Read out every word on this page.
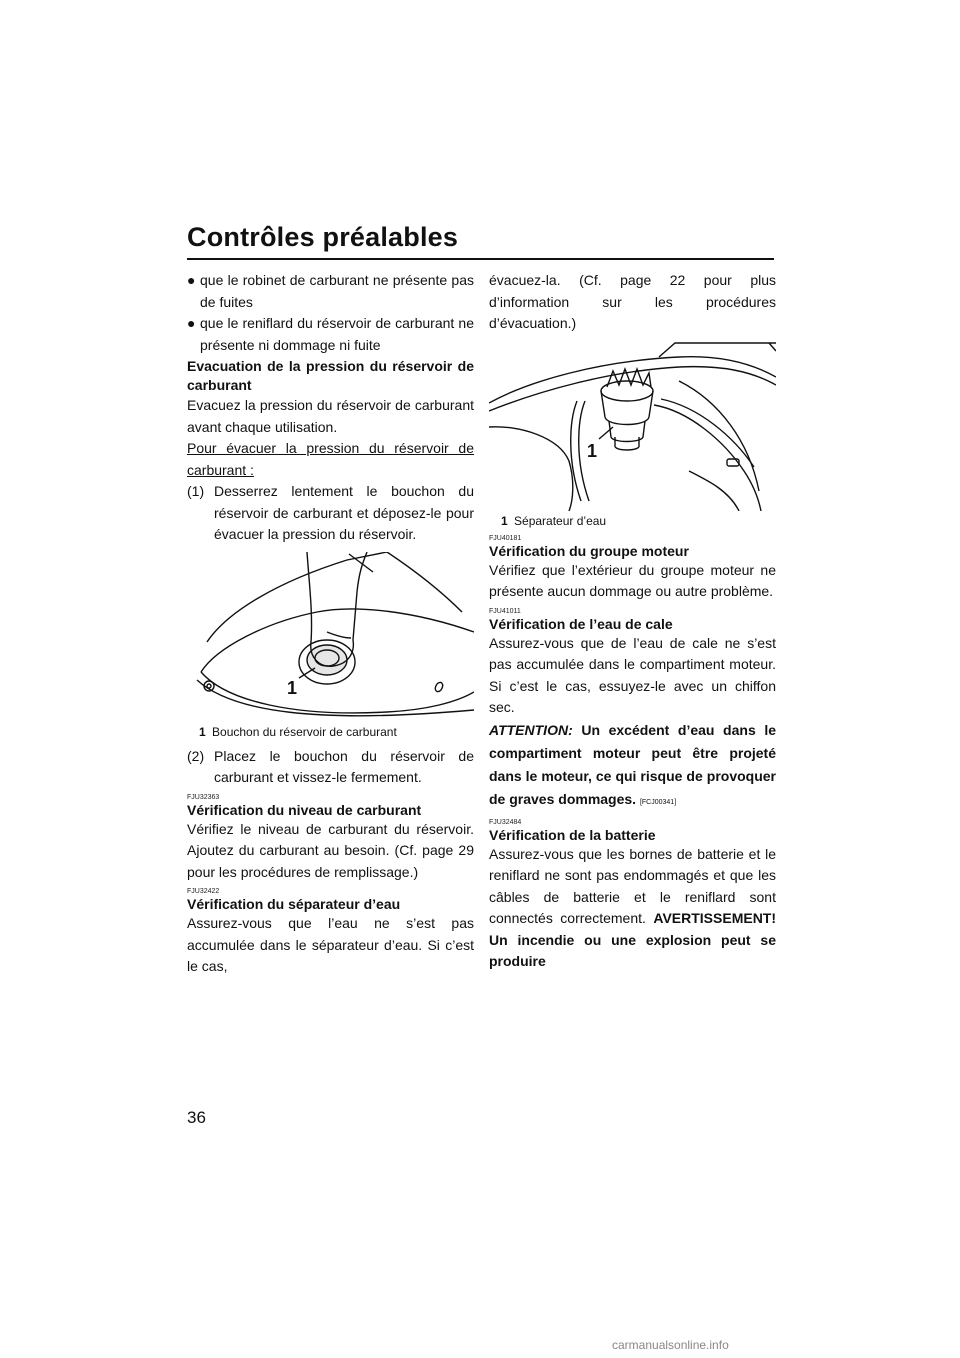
Contrôles préalables

● que le robinet de carburant ne présente pas de fuites

● que le reniflard du réservoir de carburant ne présente ni dommage ni fuite

Evacuation de la pression du réservoir de carburant

Evacuez la pression du réservoir de carburant avant chaque utilisation.

Pour évacuer la pression du réservoir de carburant :

(1) Desserrez lentement le bouchon du réservoir de carburant et déposez-le pour évacuer la pression du réservoir.

1

1 Bouchon du réservoir de carburant

(2) Placez le bouchon du réservoir de carburant et vissez-le fermement.

FJU32363

Vérification du niveau de carburant

Vérifiez le niveau de carburant du réservoir. Ajoutez du carburant au besoin. (Cf. page 29 pour les procédures de remplissage.)

FJU32422

Vérification du séparateur d’eau

Assurez-vous que l’eau ne s’est pas accumulée dans le séparateur d’eau. Si c’est le cas,

évacuez-la. (Cf. page 22 pour plus d’information sur les procédures d’évacuation.)

1

1 Séparateur d’eau

FJU40181

Vérification du groupe moteur

Vérifiez que l’extérieur du groupe moteur ne présente aucun dommage ou autre problème.

FJU41011

Vérification de l’eau de cale

Assurez-vous que de l’eau de cale ne s’est pas accumulée dans le compartiment moteur. Si c’est le cas, essuyez-le avec un chiffon sec.

ATTENTION: Un excédent d’eau dans le compartiment moteur peut être projeté dans le moteur, ce qui risque de provoquer de graves dommages. [FCJ00341]

FJU32484

Vérification de la batterie

Assurez-vous que les bornes de batterie et le reniflard ne sont pas endommagés et que les câbles de batterie et le reniflard sont connectés correctement. AVERTISSEMENT! Un incendie ou une explosion peut se produire

36
carmanualsonline.info
